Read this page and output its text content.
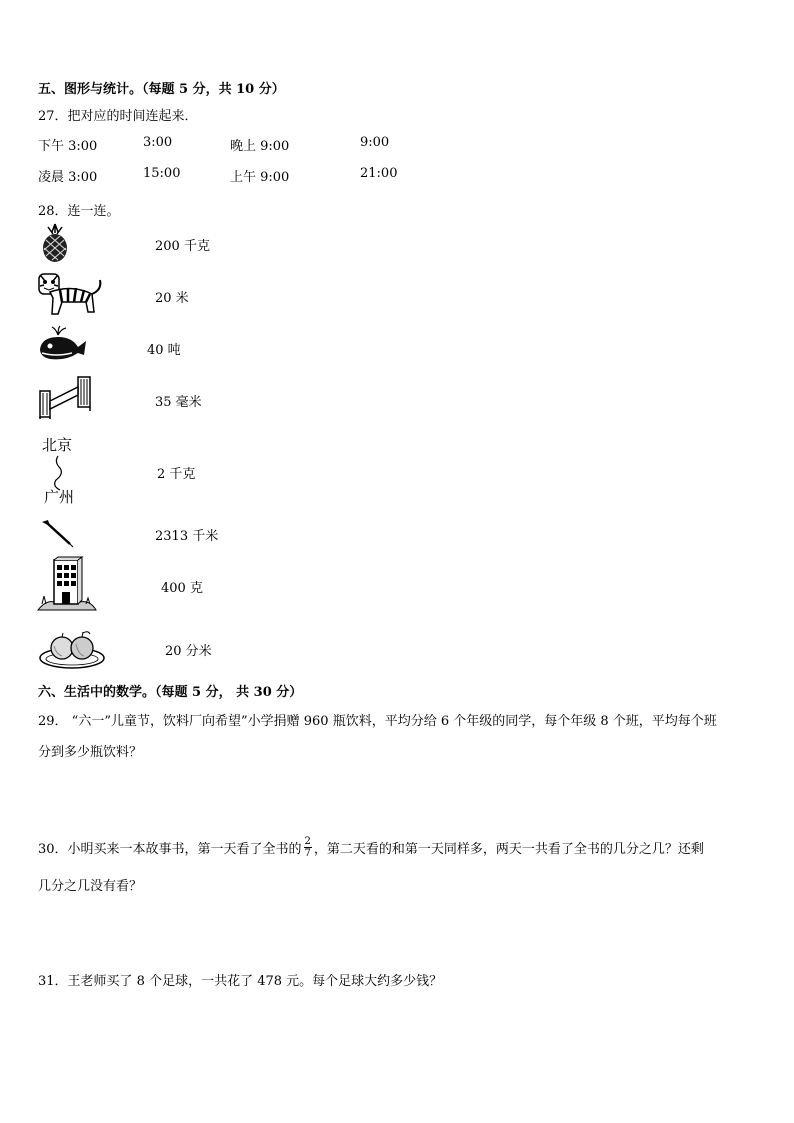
五、图形与统计。（每题 5 分，共 10 分）
27．把对应的时间连起来．
下午 3:00	3:00	晚上 9:00	9:00
凌晨 3:00	15:00	上午 9:00	21:00
28．连一连。
200 千克
20 米
40 吨
35 毫米
北京
广州
2 千克
2313 千米
400 克
20 分米
六、生活中的数学。（每题 5 分， 共 30 分）
29． “六一”儿童节，饮料厂向希望”小学捐赠 960 瓶饮料，平均分给 6 个年级的同学，每个年级 8 个班，平均每个班
分到多少瓶饮料？
30．小明买来一本故事书，第一天看了全书的 $\frac{2}{7}$ ，第二天看的和第一天同样多，两天一共看了全书的几分之几？还剩
几分之几没有看？
31．王老师买了 8 个足球，一共花了 478 元。每个足球大约多少钱？
